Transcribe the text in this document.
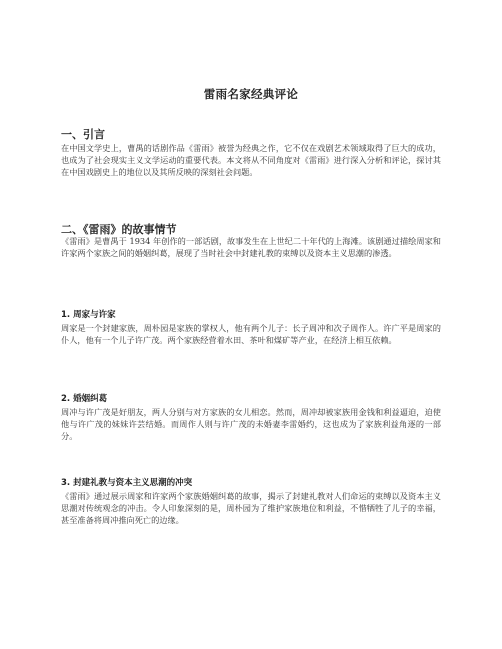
雷雨名家经典评论
一、引言
在中国文学史上，曹禺的话剧作品《雷雨》被誉为经典之作，它不仅在戏剧艺术领域取得了巨大的成功，也成为了社会现实主义文学运动的重要代表。本文将从不同角度对《雷雨》进行深入分析和评论，探讨其在中国戏剧史上的地位以及其所反映的深刻社会问题。
二、《雷雨》的故事情节
《雷雨》是曹禺于 1934 年创作的一部话剧，故事发生在上世纪二十年代的上海滩。该剧通过描绘周家和许家两个家族之间的婚姻纠葛，展现了当时社会中封建礼教的束缚以及资本主义思潮的渗透。
1. 周家与许家
周家是一个封建家族，周朴园是家族的掌权人，他有两个儿子：长子周冲和次子周作人。许广平是周家的仆人，他有一个儿子许广茂。两个家族经营着水田、茶叶和煤矿等产业，在经济上相互依赖。
2. 婚姻纠葛
周冲与许广茂是好朋友，两人分别与对方家族的女儿相恋。然而，周冲却被家族用金钱和利益逼迫，迫使他与许广茂的妹妹许芸结婚。而周作人则与许广茂的未婚妻李雷婚约，这也成为了家族利益角逐的一部分。
3. 封建礼教与资本主义思潮的冲突
《雷雨》通过展示周家和许家两个家族婚姻纠葛的故事，揭示了封建礼教对人们命运的束缚以及资本主义思潮对传统观念的冲击。令人印象深刻的是，周朴园为了维护家族地位和利益，不惜牺牲了儿子的幸福，甚至准备将周冲推向死亡的边缘。
